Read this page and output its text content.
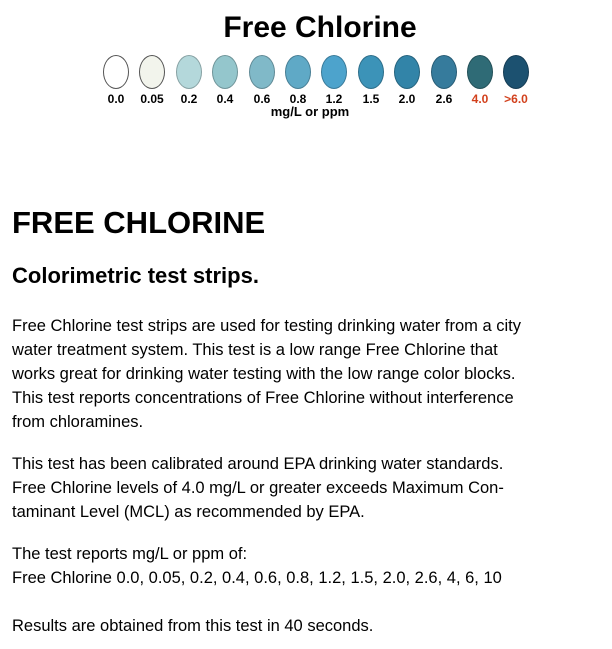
Free Chlorine
0.0	0.05	0.2	0.4	0.6	0.8	1.2	1.5	2.0	2.6	4.0	>6.0
mg/L or ppm
FREE CHLORINE
Colorimetric test strips.
Free Chlorine test strips are used for testing drinking water from a city
water treatment system. This test is a low range Free Chlorine that
works great for drinking water testing with the low range color blocks.
This test reports concentrations of Free Chlorine without interference
from chloramines.
This test has been calibrated around EPA drinking water standards.
Free Chlorine levels of 4.0 mg/L or greater exceeds Maximum Con-
taminant Level (MCL) as recommended by EPA.
The test reports mg/L or ppm of:
Free Chlorine 0.0, 0.05, 0.2, 0.4, 0.6, 0.8, 1.2, 1.5, 2.0, 2.6, 4, 6, 10
Results are obtained from this test in 40 seconds.
